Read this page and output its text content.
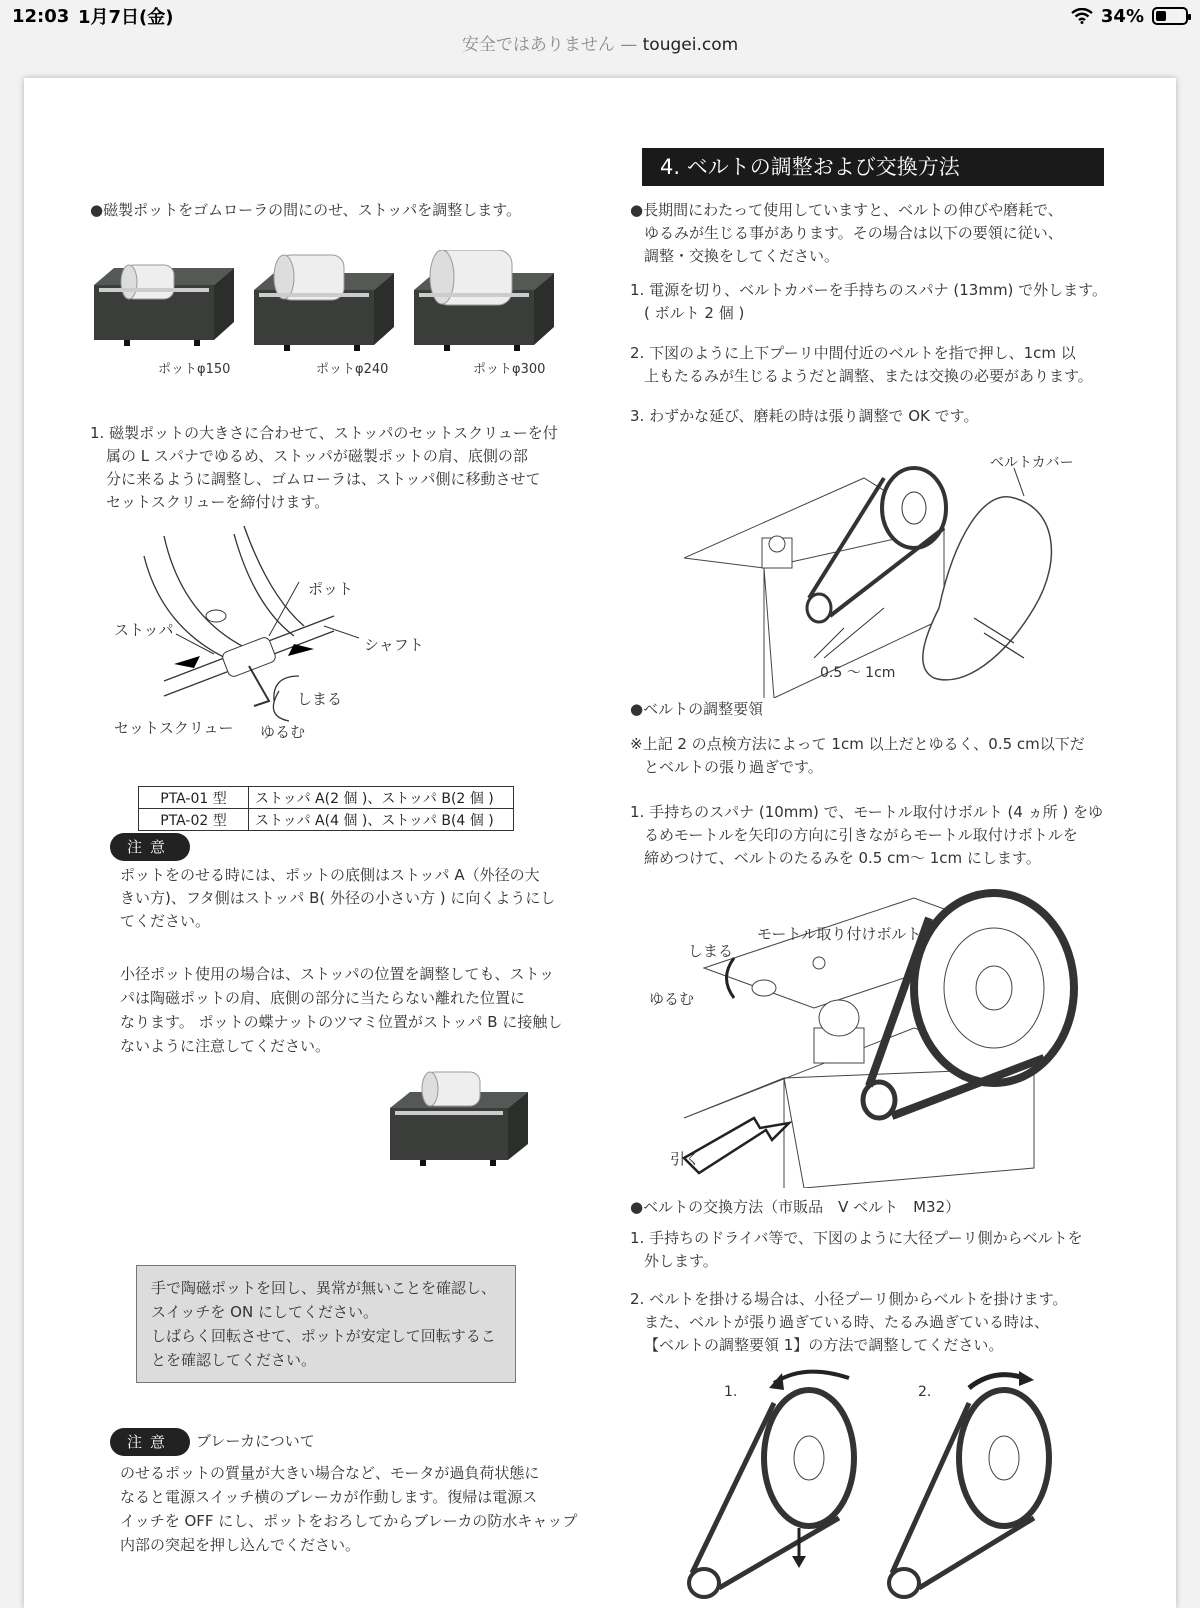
12:03 1月7日(金)	34%
安全ではありません — tougei.com
●磁製ポットをゴムローラの間にのせ、ストッパを調整します。
ポットφ150	ポットφ240	ポットφ300
1. 磁製ポットの大きさに合わせて、ストッパのセットスクリューを付
属の L スパナでゆるめ、ストッパが磁製ポットの肩、底側の部
分に来るように調整し、ゴムローラは、ストッパ側に移動させて
セットスクリューを締付けます。
ポット
ストッパ
シャフト
しまる
セットスクリュー ゆるむ
PTA-01 型	ストッパ A(2 個 )、ストッパ B(2 個 )
PTA-02 型	ストッパ A(4 個 )、ストッパ B(4 個 )
注意
ポットをのせる時には、ポットの底側はストッパ A（外径の大
きい方)、フタ側はストッパ B( 外径の小さい方 ) に向くようにし
てください。
小径ポット使用の場合は、ストッパの位置を調整しても、ストッ
パは陶磁ポットの肩、底側の部分に当たらない離れた位置に
なります。 ポットの蝶ナットのツマミ位置がストッパ B に接触し
ないように注意してください。
手で陶磁ポットを回し、異常が無いことを確認し、
スイッチを ON にしてください。
しばらく回転させて、ポットが安定して回転するこ
とを確認してください。
注意	ブレーカについて
のせるポットの質量が大きい場合など、モータが過負荷状態に
なると電源スイッチ横のブレーカが作動します。復帰は電源ス
イッチを OFF にし、ポットをおろしてからブレーカの防水キャップ
内部の突起を押し込んでください。
4. ベルトの調整および交換方法
●長期間にわたって使用していますと、ベルトの伸びや磨耗で、
ゆるみが生じる事があります。その場合は以下の要領に従い、
調整・交換をしてください。
1. 電源を切り、ベルトカバーを手持ちのスパナ (13mm) で外します。
( ボルト 2 個 )
2. 下図のように上下プーリ中間付近のベルトを指で押し、1cm 以
上もたるみが生じるようだと調整、または交換の必要があります。
3. わずかな延び、磨耗の時は張り調整で OK です。
ベルトカバー
0.5 ～ 1cm
●ベルトの調整要領
※上記 2 の点検方法によって 1cm 以上だとゆるく、0.5 cm以下だ
とベルトの張り過ぎです。
1. 手持ちのスパナ (10mm) で、モートル取付けボルト (4 ヵ所 ) をゆ
るめモートルを矢印の方向に引きながらモートル取付けボトルを
締めつけて、ベルトのたるみを 0.5 cm～ 1cm にします。
モートル取り付けボルト
しまる
ゆるむ
引く
●ベルトの交換方法（市販品　V ベルト　M32）
1. 手持ちのドライバ等で、下図のように大径プーリ側からベルトを
外します。
2. ベルトを掛ける場合は、小径プーリ側からベルトを掛けます。
また、ベルトが張り過ぎている時、たるみ過ぎている時は、
【ベルトの調整要領 1】の方法で調整してください。
1.	2.
